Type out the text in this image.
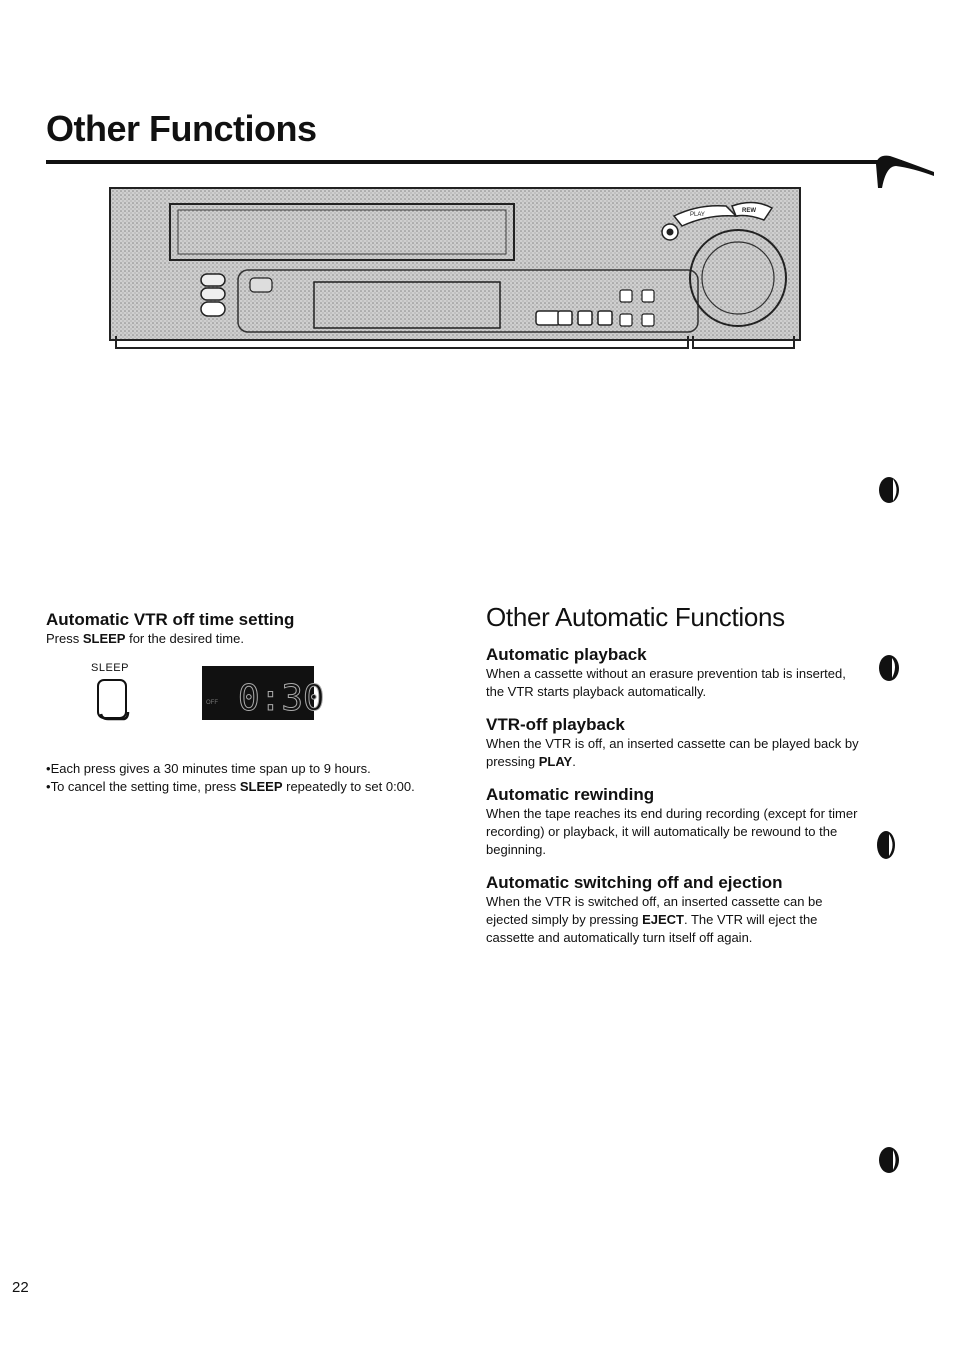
Other Functions
PLAY
REW
Automatic VTR off time setting

Press SLEEP for the desired time.

SLEEP
OFF 0:30
• Each press gives a 30 minutes time span up to 9 hours.
• To cancel the setting time, press SLEEP repeatedly to set 0:00.
Other Automatic Functions
Automatic playback

When a cassette without an erasure prevention tab is inserted, the VTR starts playback automatically.

VTR-off playback

When the VTR is off, an inserted cassette can be played back by pressing PLAY.

Automatic rewinding

When the tape reaches its end during recording (except for timer recording) or playback, it will automatically be rewound to the beginning.

Automatic switching off and ejection

When the VTR is switched off, an inserted cassette can be ejected simply by pressing EJECT. The VTR will eject the cassette and automatically turn itself off again.

22
